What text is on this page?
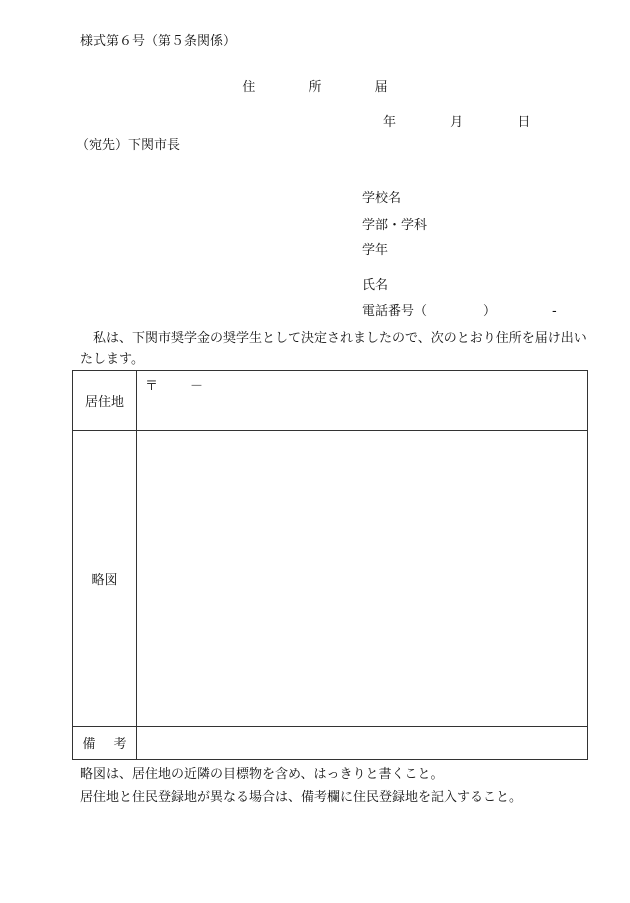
様式第６号（第５条関係）
住	所	届
年	月	日
（宛先）下関市長
学校名
学部・学科
学年
氏名
電話番号（	）	-
私は、下関市奨学金の奨学生として決定されましたので、次のとおり住所を届け出いたします。
居住地	〒 －
略図	
備考	
略図は、居住地の近隣の目標物を含め、はっきりと書くこと。
居住地と住民登録地が異なる場合は、備考欄に住民登録地を記入すること。
